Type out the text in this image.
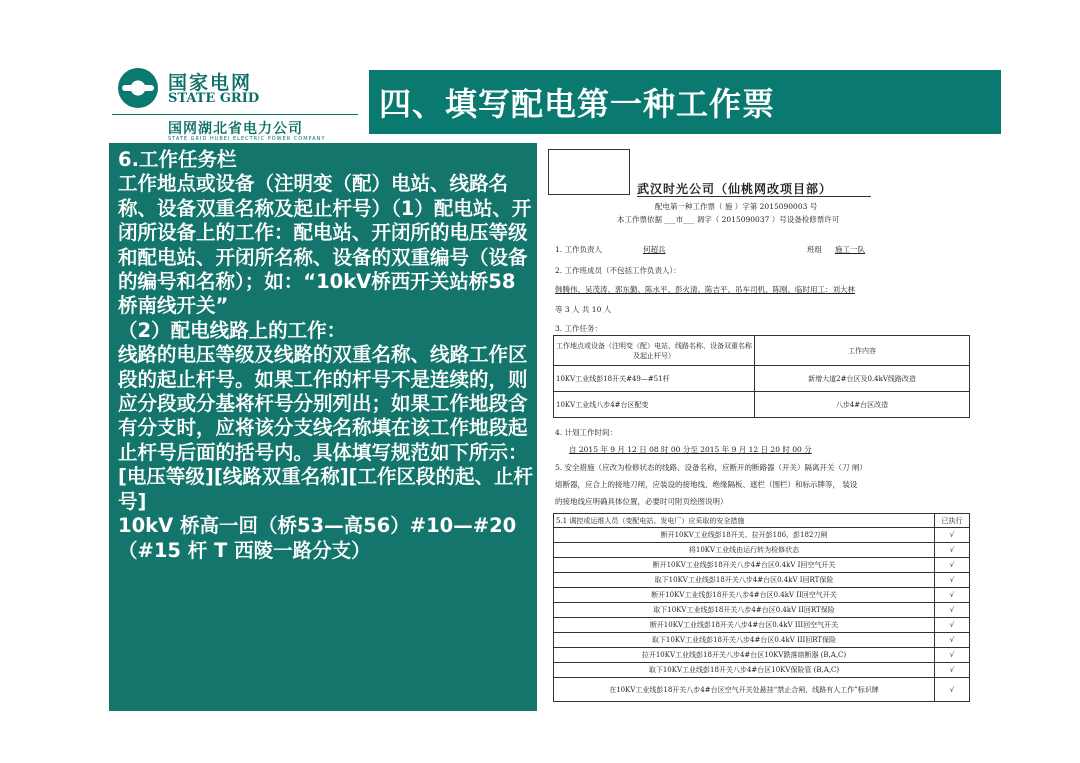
国家电网
STATE GRID
国网湖北省电力公司
STATE GRID HUBEI ELECTRIC POWER COMPANY
四、填写配电第一种工作票
6.工作任务栏
工作地点或设备（注明变（配）电站、线路名称、设备双重名称及起止杆号）（1）配电站、开闭所设备上的工作：配电站、开闭所的电压等级和配电站、开闭所名称、设备的双重编号（设备的编号和名称）；如：“10kV桥西开关站桥58桥南线开关”
（2）配电线路上的工作：
线路的电压等级及线路的双重名称、线路工作区段的起止杆号。如果工作的杆号不是连续的，则应分段或分基将杆号分别列出；如果工作地段含有分支时，应将该分支线名称填在该工作地段起止杆号后面的括号内。具体填写规范如下所示：
[电压等级][线路双重名称][工作区段的起、止杆号]
10kV 桥高一回（桥53—高56）#10—#20（#15 杆 T 西陵一路分支）
武汉时光公司（仙桃网改项目部）
配电第一种工作票（ 施 ）字第 2015090003 号
本工作票依据 ___市___ 调字（ 2015090037 ）号设备检修票许可
1. 工作负责人	何超兵	班组 施工一队
2. 工作班成员（不包括工作负责人）：
韩腾伟、吴茂涛、郭东勤、陈水平、彭火清、陈吉平、吊车司机、陈刚、临时用工：刘大林
等 3 人 共 10 人
3. 工作任务：
工作地点或设备（注明变（配）电站、线路名称、设备双重名称及起止杆号）	工作内容
10KV工业线彭18开关#49—#51杆	新增大道2#台区及0.4kV线路改造
10KV工业线八步4#台区配变	八步4#台区改造
4. 计划工作时间：
自 2015 年 9 月 12 日 08 时 00 分至 2015 年 9 月 12 日 20 时 00 分
5. 安全措施（应改为检修状态的线路、设备名称，应断开的断路器（开关）隔离开关（刀 闸）
熔断器，应合上的接地刀闸，应装设的接地线、绝缘隔板、遮栏（围栏）和标示牌等， 装设
的接地线应明确具体位置，必要时可附页绘图说明）
5.1 调控或运维人员（变配电站、发电厂）应采取的安全措施	已执行
断开10KV工业线彭18开关、拉开彭186、彭182刀闸	√
将10KV工业线由运行转为检修状态	√
断开10KV工业线彭18开关八步4#台区0.4kV I回空气开关	√
取下10KV工业线彭18开关八步4#台区0.4kV I回RT保险	√
断开10KV工业线彭18开关八步4#台区0.4kV II回空气开关	√
取下10KV工业线彭18开关八步4#台区0.4kV II回RT保险	√
断开10KV工业线彭18开关八步4#台区0.4kV III回空气开关	√
取下10KV工业线彭18开关八步4#台区0.4kV III回RT保险	√
拉开10KV工业线彭18开关八步4#台区10KV跌落熔断器 (B,A,C)	√
取下10KV工业线彭18开关八步4#台区10KV保险管 (B,A,C)	√
在10KV工业线彭18开关八步4#台区空气开关处悬挂“禁止合闸，线路有人工作”标识牌	√
